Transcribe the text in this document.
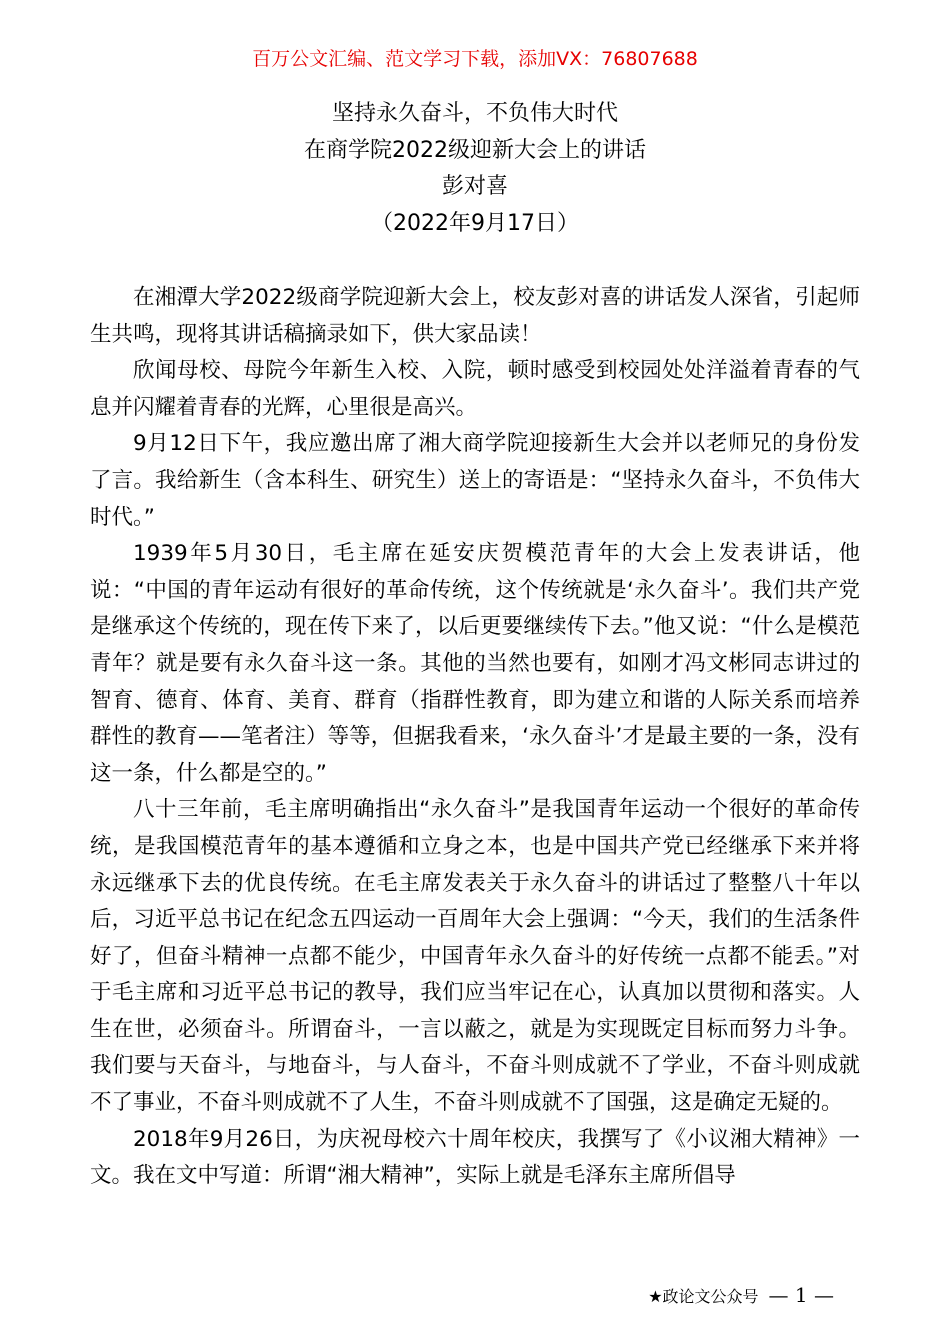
百万公文汇编、范文学习下载，添加VX：76807688
坚持永久奋斗，不负伟大时代
在商学院2022级迎新大会上的讲话
彭对喜
（2022年9月17日）

在湘潭大学2022级商学院迎新大会上，校友彭对喜的讲话发人深省，引起师生共鸣，现将其讲话稿摘录如下，供大家品读！

欣闻母校、母院今年新生入校、入院，顿时感受到校园处处洋溢着青春的气息并闪耀着青春的光辉，心里很是高兴。

9月12日下午，我应邀出席了湘大商学院迎接新生大会并以老师兄的身份发了言。我给新生（含本科生、研究生）送上的寄语是：“坚持永久奋斗，不负伟大时代。”

1939年5月30日，毛主席在延安庆贺模范青年的大会上发表讲话，他说：“中国的青年运动有很好的革命传统，这个传统就是‘永久奋斗’。我们共产党是继承这个传统的，现在传下来了，以后更要继续传下去。”他又说：“什么是模范青年？就是要有永久奋斗这一条。其他的当然也要有，如刚才冯文彬同志讲过的智育、德育、体育、美育、群育（指群性教育，即为建立和谐的人际关系而培养群性的教育——笔者注）等等，但据我看来，‘永久奋斗’才是最主要的一条，没有这一条，什么都是空的。”

八十三年前，毛主席明确指出“永久奋斗”是我国青年运动一个很好的革命传统，是我国模范青年的基本遵循和立身之本，也是中国共产党已经继承下来并将永远继承下去的优良传统。在毛主席发表关于永久奋斗的讲话过了整整八十年以后，习近平总书记在纪念五四运动一百周年大会上强调：“今天，我们的生活条件好了，但奋斗精神一点都不能少，中国青年永久奋斗的好传统一点都不能丢。”对于毛主席和习近平总书记的教导，我们应当牢记在心，认真加以贯彻和落实。人生在世，必须奋斗。所谓奋斗，一言以蔽之，就是为实现既定目标而努力斗争。我们要与天奋斗，与地奋斗，与人奋斗，不奋斗则成就不了学业，不奋斗则成就不了事业，不奋斗则成就不了人生，不奋斗则成就不了国强，这是确定无疑的。

2018年9月26日，为庆祝母校六十周年校庆，我撰写了《小议湘大精神》一文。我在文中写道：所谓“湘大精神”，实际上就是毛泽东主席所倡导

★政论文公众号 — 1 —
